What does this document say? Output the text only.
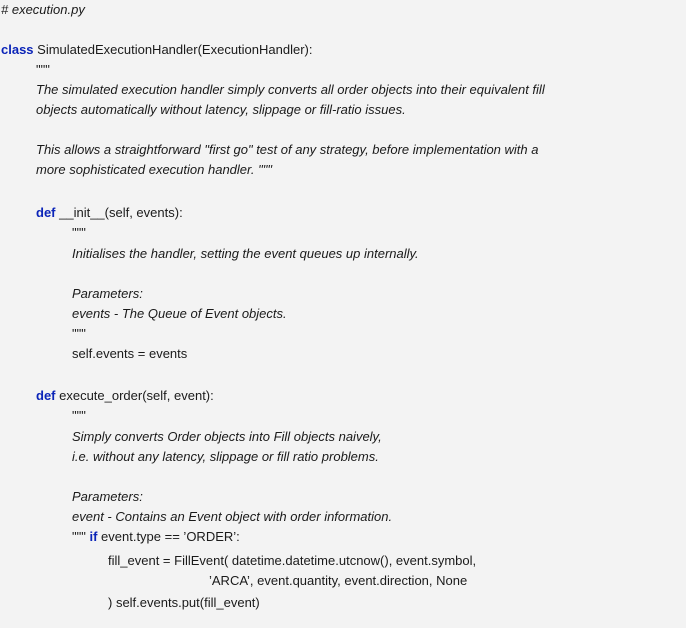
# execution.py
class SimulatedExecutionHandler(ExecutionHandler):
"""
The simulated execution handler simply converts all order objects into their equivalent fill
objects automatically without latency, slippage or fill-ratio issues.
This allows a straightforward "first go" test of any strategy, before implementation with a
more sophisticated execution handler. """
def __init__(self, events):
"""
Initialises the handler, setting the event queues up internally.
Parameters:
events - The Queue of Event objects.
"""
self.events = events
def execute_order(self, event):
"""
Simply converts Order objects into Fill objects naively,
i.e. without any latency, slippage or fill ratio problems.
Parameters:
event - Contains an Event object with order information.
""" if event.type == ’ORDER’:
fill_event = FillEvent( datetime.datetime.utcnow(), event.symbol,
’ARCA’, event.quantity, event.direction, None
) self.events.put(fill_event)
